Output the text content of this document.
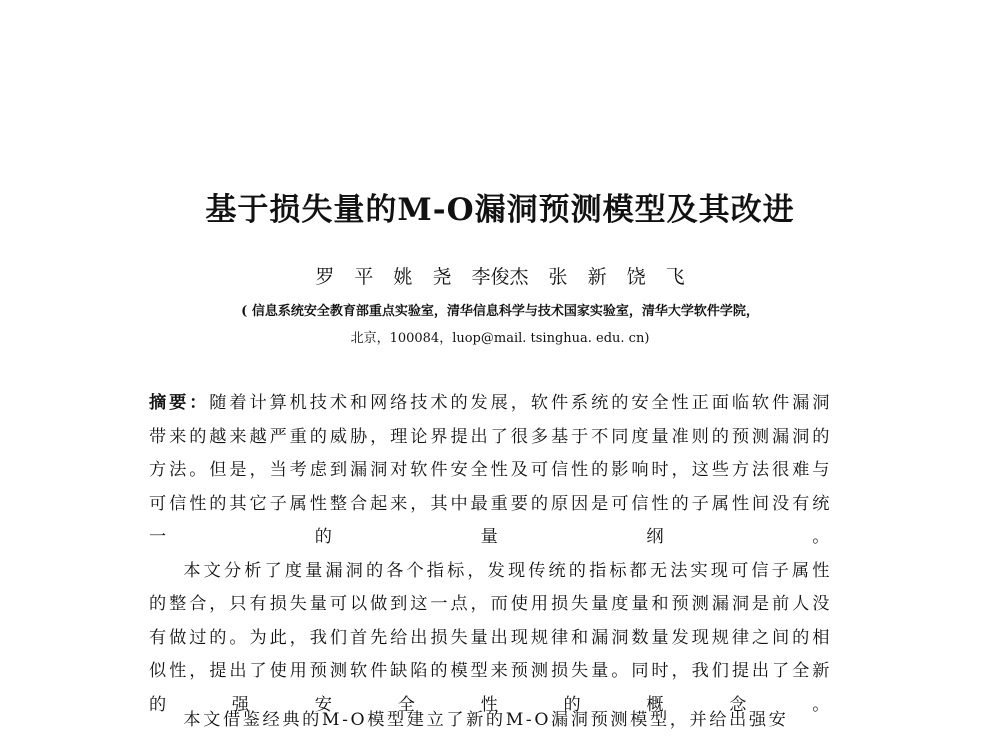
基于损失量的M-O漏洞预测模型及其改进
罗 平 姚 尧 李俊杰 张 新 饶 飞
( 信息系统安全教育部重点实验室，清华信息科学与技术国家实验室，清华大学软件学院，
北京，100084，luop@mail. tsinghua. edu. cn)

摘要：随着计算机技术和网络技术的发展，软件系统的安全性正面临软件漏洞带来的越来越严重的威胁，理论界提出了很多基于不同度量准则的预测漏洞的方法。但是，当考虑到漏洞对软件安全性及可信性的影响时，这些方法很难与可信性的其它子属性整合起来，其中最重要的原因是可信性的子属性间没有统一的量纲。

本文分析了度量漏洞的各个指标，发现传统的指标都无法实现可信子属性的整合，只有损失量可以做到这一点，而使用损失量度量和预测漏洞是前人没有做过的。为此，我们首先给出损失量出现规律和漏洞数量发现规律之间的相似性，提出了使用预测软件缺陷的模型来预测损失量。同时，我们提出了全新的强安全性的概念。

本文借鉴经典的M-O模型建立了新的M-O漏洞预测模型，并给出强安
